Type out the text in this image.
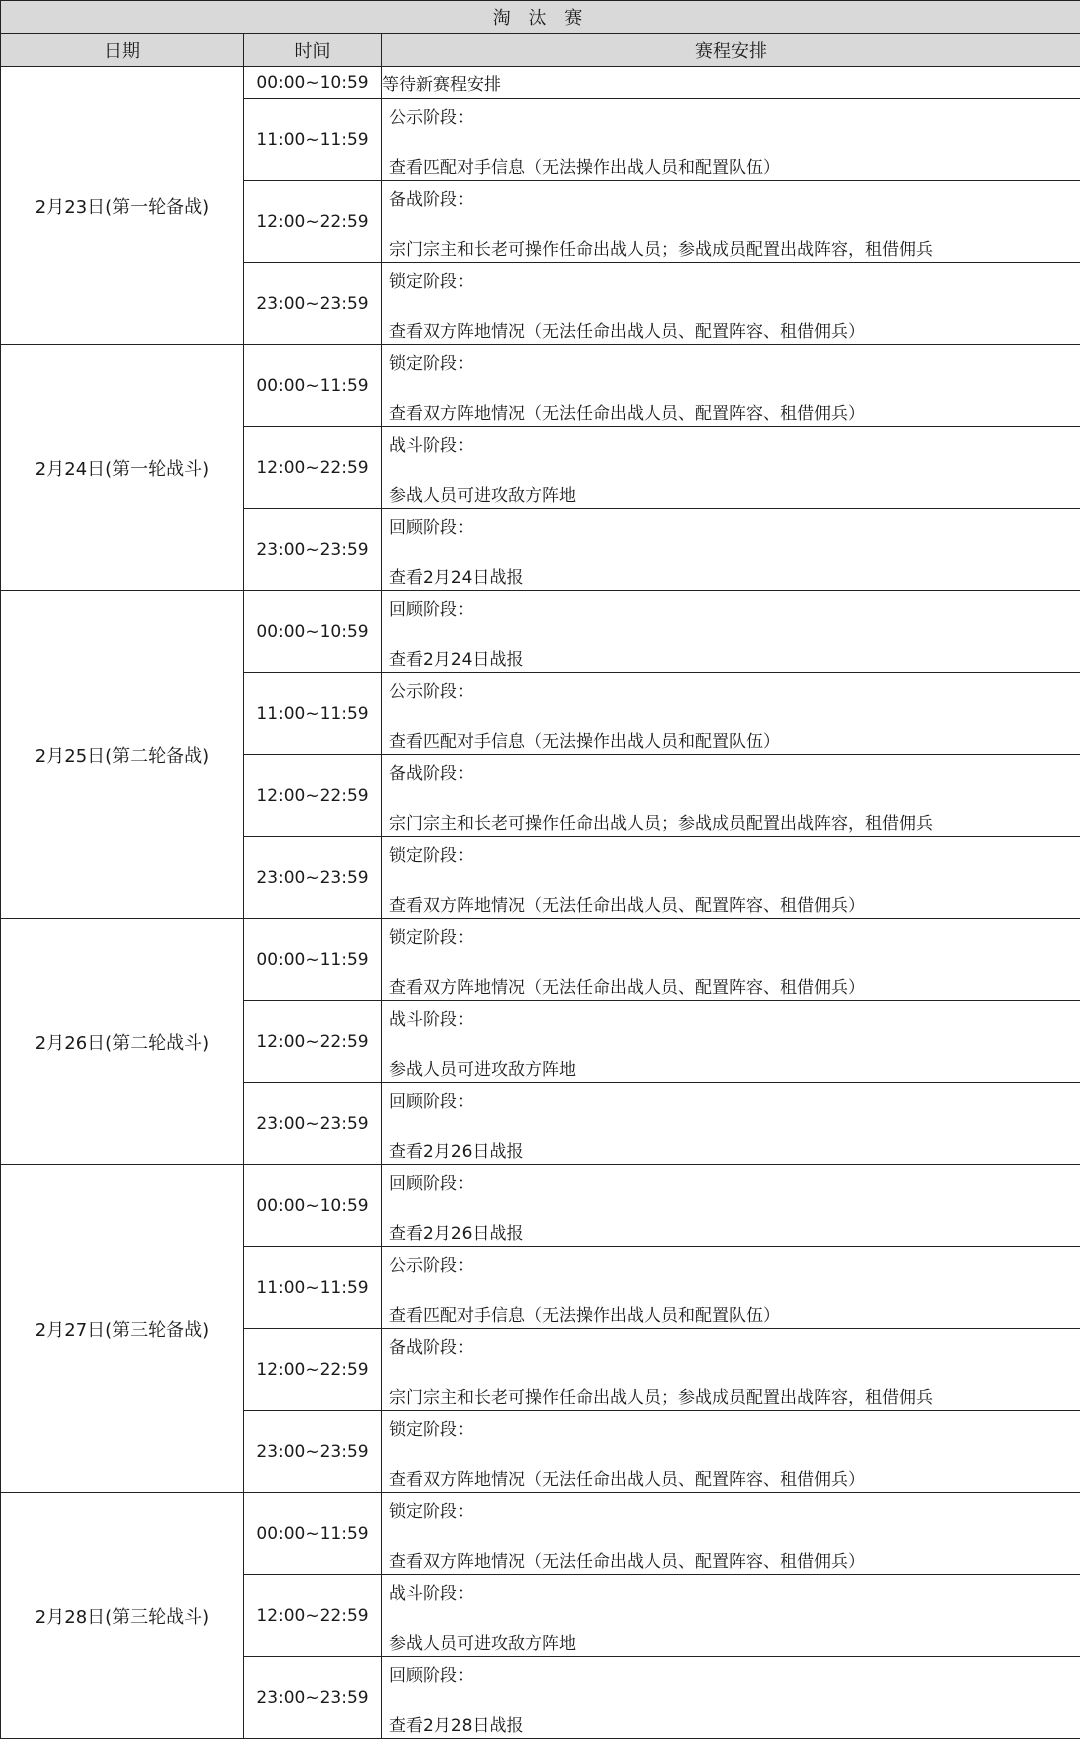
淘 汰 赛		
日期	时间	赛程安排
2月23日(第一轮备战)	00:00~10:59	等待新赛程安排
	11:00~11:59	公示阶段：
查看匹配对手信息（无法操作出战人员和配置队伍）

	12:00~22:59	备战阶段：
宗门宗主和长老可操作任命出战人员；参战成员配置出战阵容，租借佣兵

	23:00~23:59	锁定阶段：
查看双方阵地情况（无法任命出战人员、配置阵容、租借佣兵）

2月24日(第一轮战斗)	00:00~11:59	锁定阶段：
查看双方阵地情况（无法任命出战人员、配置阵容、租借佣兵）

	12:00~22:59	战斗阶段：
参战人员可进攻敌方阵地

	23:00~23:59	回顾阶段：
查看2月24日战报

2月25日(第二轮备战)	00:00~10:59	回顾阶段：
查看2月24日战报

	11:00~11:59	公示阶段：
查看匹配对手信息（无法操作出战人员和配置队伍）

	12:00~22:59	备战阶段：
宗门宗主和长老可操作任命出战人员；参战成员配置出战阵容，租借佣兵

	23:00~23:59	锁定阶段：
查看双方阵地情况（无法任命出战人员、配置阵容、租借佣兵）

2月26日(第二轮战斗)	00:00~11:59	锁定阶段：
查看双方阵地情况（无法任命出战人员、配置阵容、租借佣兵）

	12:00~22:59	战斗阶段：
参战人员可进攻敌方阵地

	23:00~23:59	回顾阶段：
查看2月26日战报

2月27日(第三轮备战)	00:00~10:59	回顾阶段：
查看2月26日战报

	11:00~11:59	公示阶段：
查看匹配对手信息（无法操作出战人员和配置队伍）

	12:00~22:59	备战阶段：
宗门宗主和长老可操作任命出战人员；参战成员配置出战阵容，租借佣兵

	23:00~23:59	锁定阶段：
查看双方阵地情况（无法任命出战人员、配置阵容、租借佣兵）

2月28日(第三轮战斗)	00:00~11:59	锁定阶段：
查看双方阵地情况（无法任命出战人员、配置阵容、租借佣兵）

	12:00~22:59	战斗阶段：
参战人员可进攻敌方阵地

	23:00~23:59	回顾阶段：
查看2月28日战报
